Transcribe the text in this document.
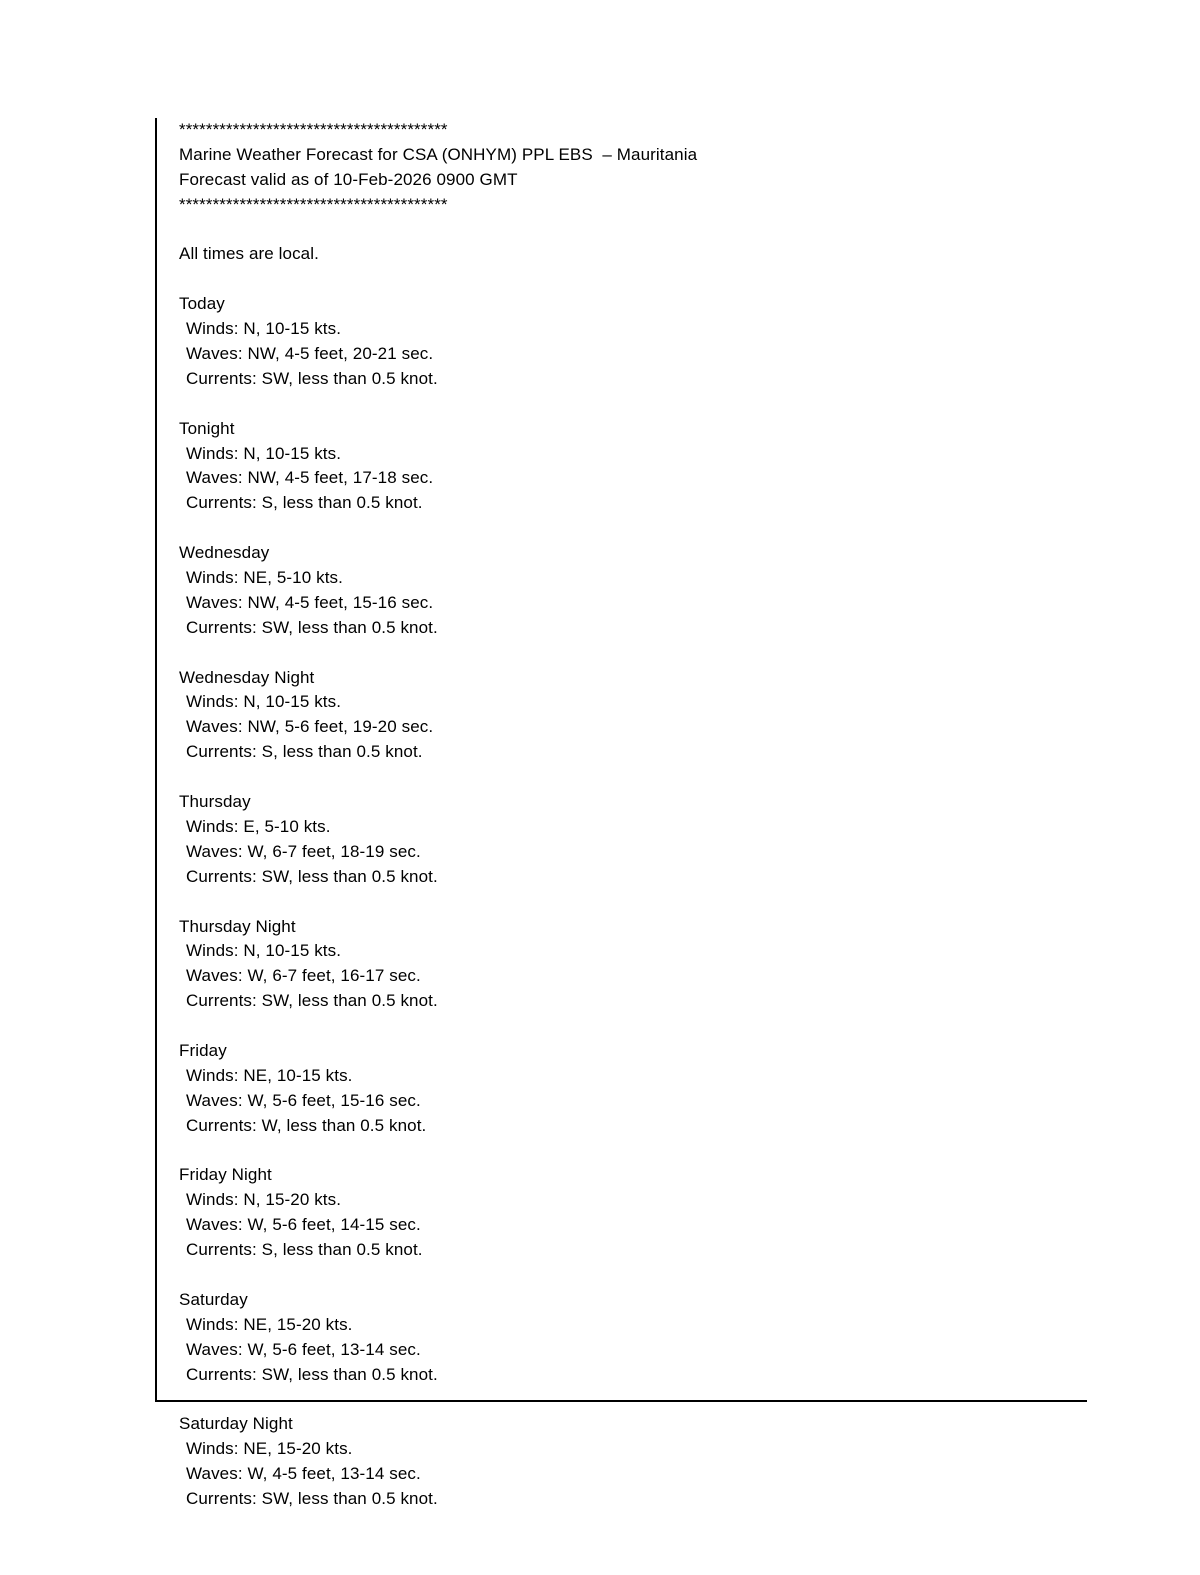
****************************************
Marine Weather Forecast for CSA (ONHYM) PPL EBS  – Mauritania
Forecast valid as of 10-Feb-2026 0900 GMT
****************************************
All times are local.
Today
Winds: N, 10-15 kts.
Waves: NW, 4-5 feet, 20-21 sec.
Currents: SW, less than 0.5 knot.
Tonight
Winds: N, 10-15 kts.
Waves: NW, 4-5 feet, 17-18 sec.
Currents: S, less than 0.5 knot.
Wednesday
Winds: NE, 5-10 kts.
Waves: NW, 4-5 feet, 15-16 sec.
Currents: SW, less than 0.5 knot.
Wednesday Night
Winds: N, 10-15 kts.
Waves: NW, 5-6 feet, 19-20 sec.
Currents: S, less than 0.5 knot.
Thursday
Winds: E, 5-10 kts.
Waves: W, 6-7 feet, 18-19 sec.
Currents: SW, less than 0.5 knot.
Thursday Night
Winds: N, 10-15 kts.
Waves: W, 6-7 feet, 16-17 sec.
Currents: SW, less than 0.5 knot.
Friday
Winds: NE, 10-15 kts.
Waves: W, 5-6 feet, 15-16 sec.
Currents: W, less than 0.5 knot.
Friday Night
Winds: N, 15-20 kts.
Waves: W, 5-6 feet, 14-15 sec.
Currents: S, less than 0.5 knot.
Saturday
Winds: NE, 15-20 kts.
Waves: W, 5-6 feet, 13-14 sec.
Currents: SW, less than 0.5 knot.
Saturday Night
Winds: NE, 15-20 kts.
Waves: W, 4-5 feet, 13-14 sec.
Currents: SW, less than 0.5 knot.
